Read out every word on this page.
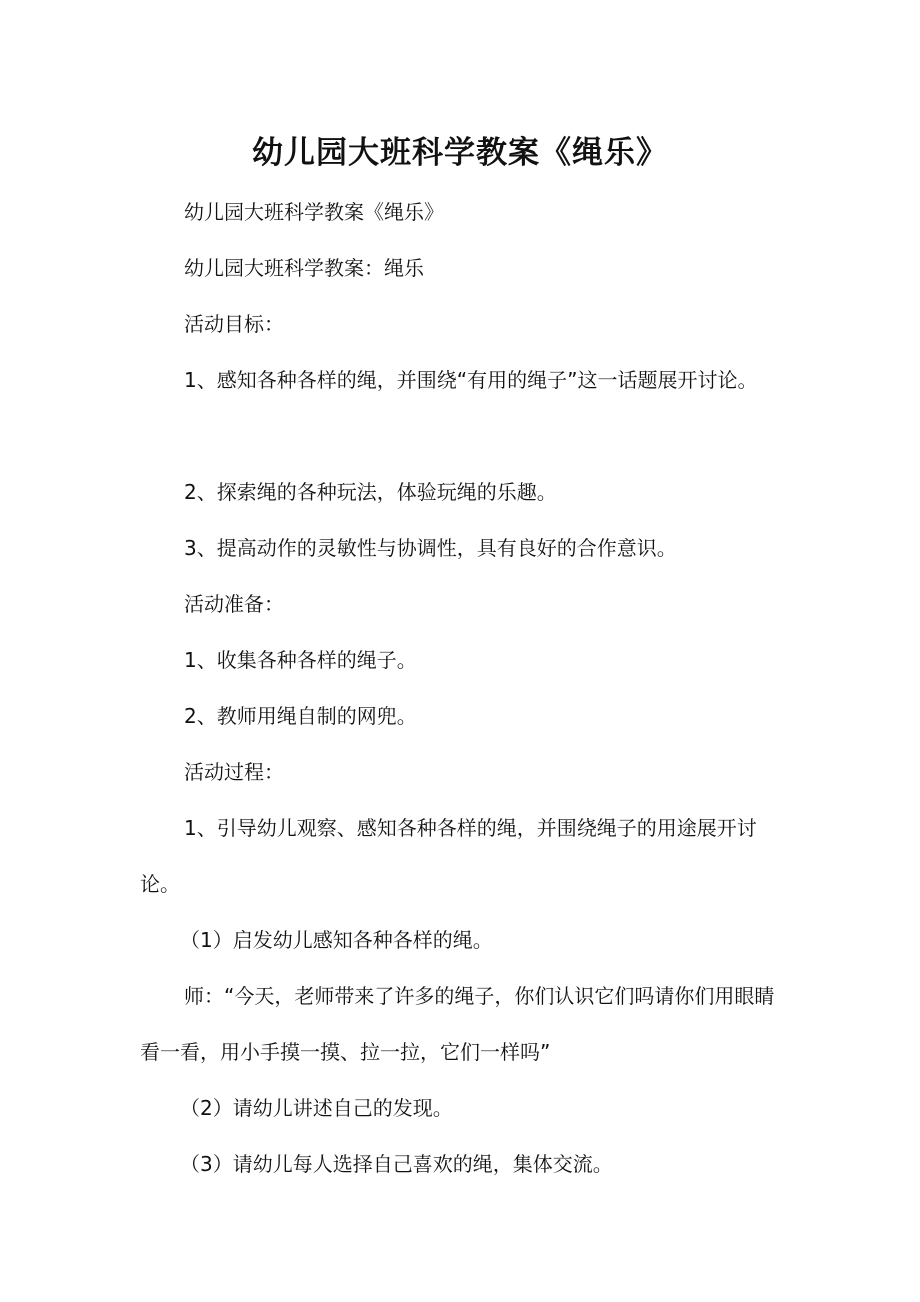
幼儿园大班科学教案《绳乐》

幼儿园大班科学教案《绳乐》

幼儿园大班科学教案：绳乐

活动目标：

1、感知各种各样的绳，并围绕“有用的绳子”这一话题展开讨论。

2、探索绳的各种玩法，体验玩绳的乐趣。

3、提高动作的灵敏性与协调性，具有良好的合作意识。

活动准备：

1、收集各种各样的绳子。

2、教师用绳自制的网兜。

活动过程：

1、引导幼儿观察、感知各种各样的绳，并围绕绳子的用途展开讨论。

（1）启发幼儿感知各种各样的绳。

师：“今天，老师带来了许多的绳子，你们认识它们吗请你们用眼睛看一看，用小手摸一摸、拉一拉，它们一样吗”

（2）请幼儿讲述自己的发现。

（3）请幼儿每人选择自己喜欢的绳，集体交流。
